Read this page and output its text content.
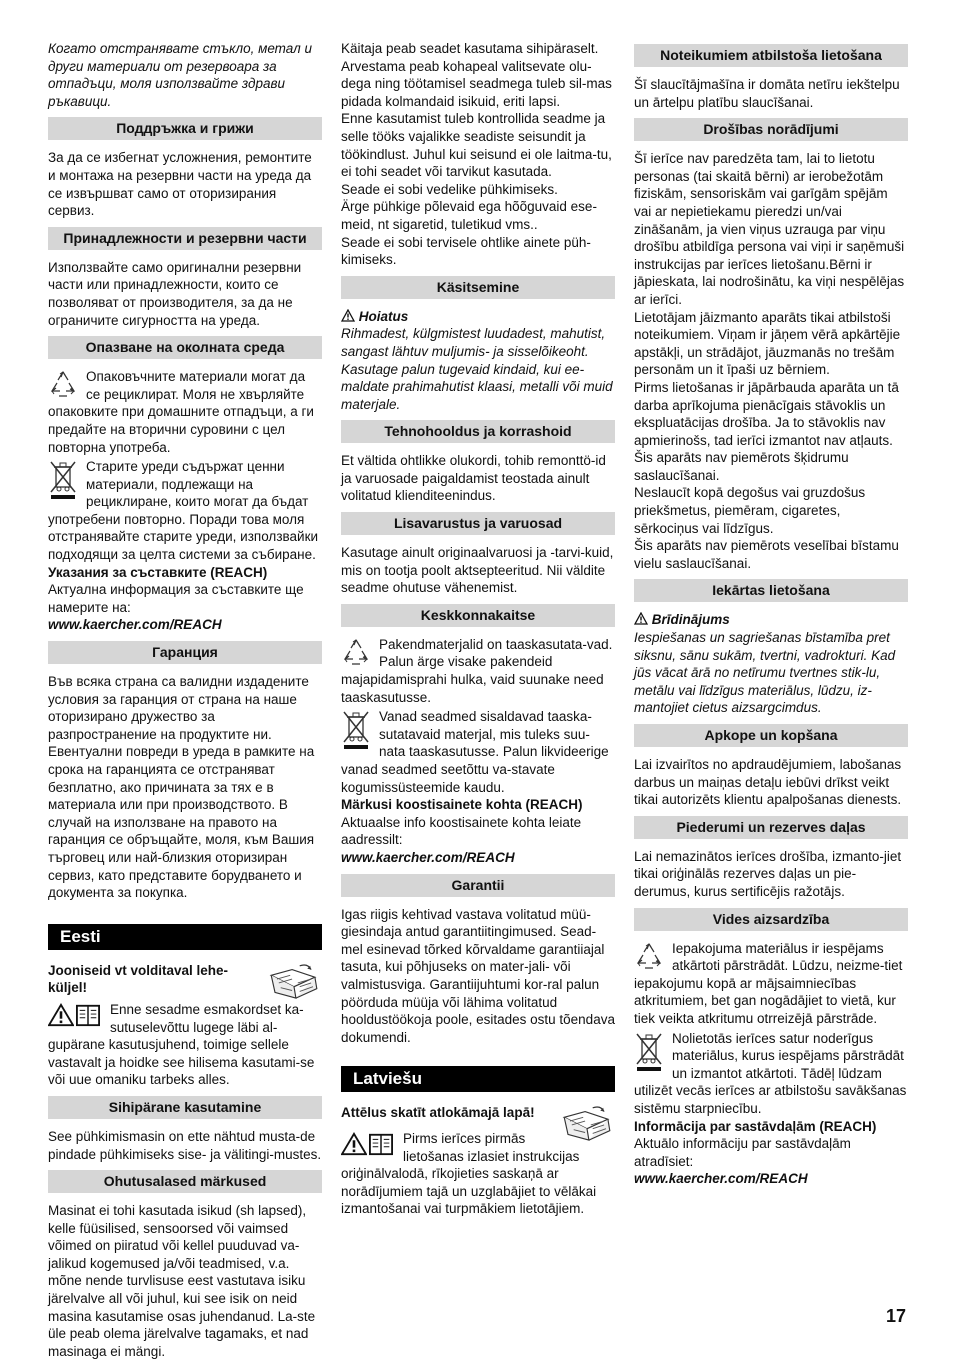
Когато отстранявате стъкло, метал и други материали от резервоара за отпадъци, моля използвайте здрави ръкавици.

Поддръжка и грижи

За да се избегнат усложнения, ремонтите и монтажа на резервни части на уреда да се извършват само от оторизирания сервиз.

Принадлежности и резервни части

Използвайте само оригинални резервни части или принадлежности, които се позволяват от производителя, за да не ограничите сигурността на уреда.

Опазване на околната среда

Опаковъчните материали могат да се рециклират. Моля не хвърляйте опаковките при домашните отпадъци, а ги предайте на вторични суровини с цел повторна употреба.

Старите уреди съдържат ценни материали, подлежащи на рециклиране, които могат да бъдат употребени повторно. Поради това моля отстранявайте старите уреди, използвайки подходящи за целта системи за събиране.

Указания за съставките (REACH)

Актуална информация за съставките ще намерите на:

www.kaercher.com/REACH

Гаранция

Във всяка страна са валидни издадените условия за гаранция от страна на наше оторизирано дружество за разпространение на продуктите ни. Евентуални повреди в уреда в рамките на срока на гаранцията се отстраняват безплатно, ако причината за тях е в материала или при производството. В случай на използване на правото на гаранция се обръщайте, моля, към Вашия търговец или най-близкия оторизиран сервиз, като представите борудването и документа за покупка.

Eesti

Jooniseid vt volditaval lehe-küljel!

Enne sesadme esmakordset ka-sutuselevõttu lugege läbi al-gupärane kasutusjuhend, toimige sellele vastavalt ja hoidke see hilisema kasutami-se või uue omaniku tarbeks alles.

Sihipärane kasutamine

See pühkimismasin on ette nähtud musta-de pindade pühkimiseks sise- ja välitingi-mustes.

Ohutusalased märkused

Masinat ei tohi kasutada isikud (sh lapsed), kelle füüsilised, sensoorsed või vaimsed võimed on piiratud või kellel puuduvad va-jalikud kogemused ja/või teadmised, v.a. mõne nende turvlisuse eest vastutava isiku järelvalve all või juhul, kui see isik on neid masina kasutamise osas juhendanud. La-ste üle peab olema järelvalve tagamaks, et nad masinaga ei mängi.

Käitaja peab seadet kasutama sihipäraselt. Arvestama peab kohapeal valitsevate olu-dega ning töötamisel seadmega tuleb sil-mas pidada kolmandaid isikuid, eriti lapsi.

Enne kasutamist tuleb kontrollida seadme ja selle tööks vajalikke seadiste seisundit ja töökindlust. Juhul kui seisund ei ole laitma-tu, ei tohi seadet või tarvikut kasutada.

Seade ei sobi vedelike pühkimiseks.

Ärge pühkige põlevaid ega hõõguvaid ese-meid, nt sigaretid, tuletikud vms..

Seade ei sobi tervisele ohtlike ainete püh-kimiseks.

Käsitsemine

Hoiatus

Rihmadest, külgmistest luudadest, mahutist, sangast lähtuv muljumis- ja sisselõikeoht. Kasutage palun tugevaid kindaid, kui ee-maldate prahimahutist klaasi, metalli või muid materjale.

Tehnohooldus ja korrashoid

Et vältida ohtlikke olukordi, tohib remonttö-id ja varuosade paigaldamist teostada ainult volitatud klienditeenindus.

Lisavarustus ja varuosad

Kasutage ainult originaalvaruosi ja -tarvi-kuid, mis on tootja poolt aktsepteeritud. Nii väldite seadme ohutuse vähenemist.

Keskkonnakaitse

Pakendmaterjalid on taaskasutata-vad. Palun ärge visake pakendeid majapidamisprahi hulka, vaid suunake need taaskasutusse.

Vanad seadmed sisaldavad taaska-sutatavaid materjal, mis tuleks suu-nata taaskasutusse. Palun likvideerige vanad seadmed seetõttu va-stavate kogumissüsteemide kaudu.

Märkusi koostisainete kohta (REACH)

Aktuaalse info koostisainete kohta leiate aadressilt:

www.kaercher.com/REACH

Garantii

Igas riigis kehtivad vastava volitatud müü-giesindaja antud garantiitingimused. Sead-mel esinevad tõrked kõrvaldame garantiiajal tasuta, kui põhjuseks on mater-jali- või valmistusviga. Garantiijuhtumi kor-ral palun pöörduda müüja või lähima volitatud hooldustöökoja poole, esitades ostu tõendava dokumendi.

Latviešu

Attēlus skatīt atlokāmajā lapā!

Pirms ierīces pirmās lietošanas izlasiet instrukcijas oriģinālvalodā, rīkojieties saskaņā ar norādījumiem tajā un uzglabājiet to vēlākai izmantošanai vai turpmākiem lietotājiem.

Noteikumiem atbilstoša lietošana

Šī slaucītājmašīna ir domāta netīru iekštelpu un ārtelpu platību slaucīšanai.

Drošības norādījumi

Šī ierīce nav paredzēta tam, lai to lietotu personas (tai skaitā bērni) ar ierobežotām fiziskām, sensoriskām vai garīgām spējām vai ar nepietiekamu pieredzi un/vai zināšanām, ja vien viņus uzrauga par viņu drošību atbildīga persona vai viņi ir saņēmuši instrukcijas par ierīces lietošanu.Bērni ir jāpieskata, lai nodrošinātu, ka viņi nespēlējas ar ierīci.

Lietotājam jāizmanto aparāts tikai atbilstoši noteikumiem. Viņam ir jāņem vērā apkārtējie apstākļi, un strādājot, jāuzmanās no trešām personām un it īpaši uz bērniem.

Pirms lietošanas ir jāpārbauda aparāta un tā darba aprīkojuma pienācīgais stāvoklis un ekspluatācijas drošība. Ja to stāvoklis nav apmierinošs, tad ierīci izmantot nav atļauts.

Šis aparāts nav piemērots šķidrumu saslaucīšanai.

Neslaucīt kopā degošus vai gruzdošus priekšmetus, piemēram, cigaretes, sērkociņus vai līdzīgus.

Šis aparāts nav piemērots veselībai bīstamu vielu saslaucīšanai.

Iekārtas lietošana

Brīdinājums

Iespiešanas un sagriešanas bīstamība pret siksnu, sānu sukām, tvertni, vadrokturi. Kad jūs vācat ārā no netīrumu tvertnes stik-lu, metālu vai līdzīgus materiālus, lūdzu, iz-mantojiet cietus aizsargcimdus.

Apkope un kopšana

Lai izvairītos no apdraudējumiem, labošanas darbus un maiņas detaļu iebūvi drīkst veikt tikai autorizēts klientu apalpošanas dienests.

Piederumi un rezerves daļas

Lai nemazinātos ierīces drošība, izmanto-jiet tikai oriģinālās rezerves daļas un pie-derumus, kurus sertificējis ražotājs.

Vides aizsardzība

Iepakojuma materiālus ir iespējams atkārtoti pārstrādāt. Lūdzu, neizme-tiet iepakojumu kopā ar mājsaimniecības atkritumiem, bet gan nogādājiet to vietā, kur tiek veikta atkritumu otrreizējā pārstrāde.

Nolietotās ierīces satur noderīgus materiālus, kurus iespējams pārstrādāt un izmantot atkārtoti. Tādēļ lūdzam utilizēt vecās ierīces ar atbilstošu savākšanas sistēmu starpniecību.

Informācija par sastāvdaļām (REACH)

Aktuālo informāciju par sastāvdaļām atradīsiet:

www.kaercher.com/REACH

17
